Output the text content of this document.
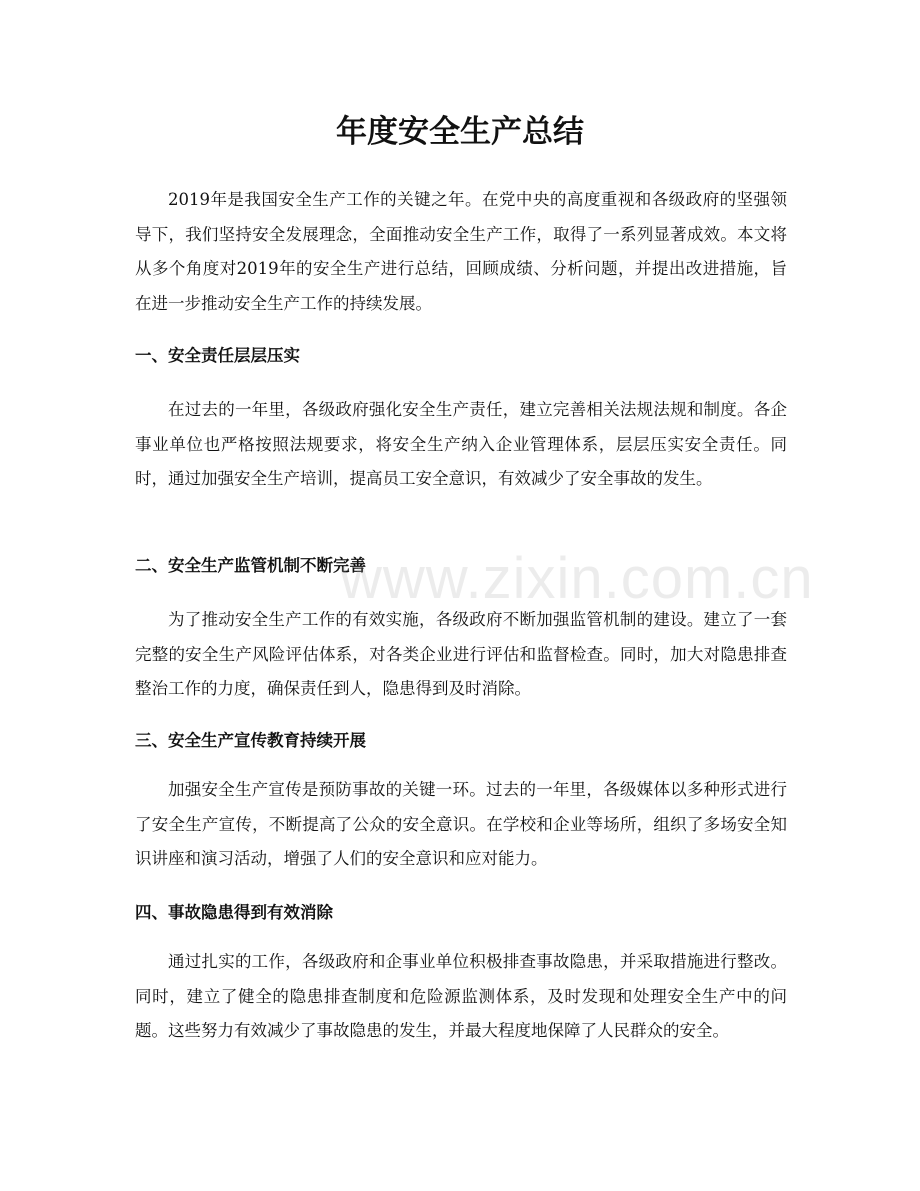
年度安全生产总结

2019年是我国安全生产工作的关键之年。在党中央的高度重视和各级政府的坚强领导下，我们坚持安全发展理念，全面推动安全生产工作，取得了一系列显著成效。本文将从多个角度对2019年的安全生产进行总结，回顾成绩、分析问题，并提出改进措施，旨在进一步推动安全生产工作的持续发展。

一、安全责任层层压实

在过去的一年里，各级政府强化安全生产责任，建立完善相关法规法规和制度。各企事业单位也严格按照法规要求，将安全生产纳入企业管理体系，层层压实安全责任。同时，通过加强安全生产培训，提高员工安全意识，有效减少了安全事故的发生。

二、安全生产监管机制不断完善

为了推动安全生产工作的有效实施，各级政府不断加强监管机制的建设。建立了一套完整的安全生产风险评估体系，对各类企业进行评估和监督检查。同时，加大对隐患排查整治工作的力度，确保责任到人，隐患得到及时消除。

三、安全生产宣传教育持续开展

加强安全生产宣传是预防事故的关键一环。过去的一年里，各级媒体以多种形式进行了安全生产宣传，不断提高了公众的安全意识。在学校和企业等场所，组织了多场安全知识讲座和演习活动，增强了人们的安全意识和应对能力。

四、事故隐患得到有效消除

通过扎实的工作，各级政府和企事业单位积极排查事故隐患，并采取措施进行整改。同时，建立了健全的隐患排查制度和危险源监测体系，及时发现和处理安全生产中的问题。这些努力有效减少了事故隐患的发生，并最大程度地保障了人民群众的安全。

www.zixin.com.cn
